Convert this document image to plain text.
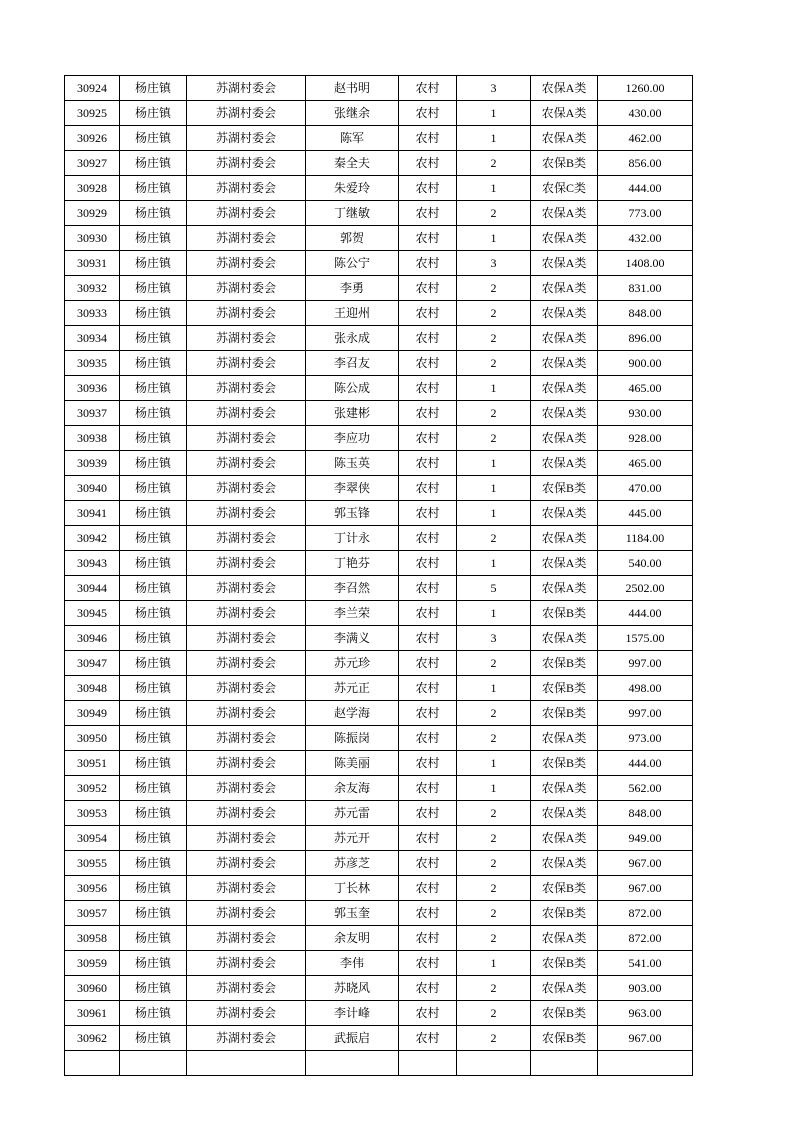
30924	杨庄镇	苏湖村委会	赵书明	农村	3	农保A类	1260.00
30925	杨庄镇	苏湖村委会	张继余	农村	1	农保A类	430.00
30926	杨庄镇	苏湖村委会	陈军	农村	1	农保A类	462.00
30927	杨庄镇	苏湖村委会	秦全夫	农村	2	农保B类	856.00
30928	杨庄镇	苏湖村委会	朱爱玲	农村	1	农保C类	444.00
30929	杨庄镇	苏湖村委会	丁继敏	农村	2	农保A类	773.00
30930	杨庄镇	苏湖村委会	郭贺	农村	1	农保A类	432.00
30931	杨庄镇	苏湖村委会	陈公宁	农村	3	农保A类	1408.00
30932	杨庄镇	苏湖村委会	李勇	农村	2	农保A类	831.00
30933	杨庄镇	苏湖村委会	王迎州	农村	2	农保A类	848.00
30934	杨庄镇	苏湖村委会	张永成	农村	2	农保A类	896.00
30935	杨庄镇	苏湖村委会	李召友	农村	2	农保A类	900.00
30936	杨庄镇	苏湖村委会	陈公成	农村	1	农保A类	465.00
30937	杨庄镇	苏湖村委会	张建彬	农村	2	农保A类	930.00
30938	杨庄镇	苏湖村委会	李应功	农村	2	农保A类	928.00
30939	杨庄镇	苏湖村委会	陈玉英	农村	1	农保A类	465.00
30940	杨庄镇	苏湖村委会	李翠侠	农村	1	农保B类	470.00
30941	杨庄镇	苏湖村委会	郭玉锋	农村	1	农保A类	445.00
30942	杨庄镇	苏湖村委会	丁计永	农村	2	农保A类	1184.00
30943	杨庄镇	苏湖村委会	丁艳芬	农村	1	农保A类	540.00
30944	杨庄镇	苏湖村委会	李召然	农村	5	农保A类	2502.00
30945	杨庄镇	苏湖村委会	李兰荣	农村	1	农保B类	444.00
30946	杨庄镇	苏湖村委会	李满义	农村	3	农保A类	1575.00
30947	杨庄镇	苏湖村委会	苏元珍	农村	2	农保B类	997.00
30948	杨庄镇	苏湖村委会	苏元正	农村	1	农保B类	498.00
30949	杨庄镇	苏湖村委会	赵学海	农村	2	农保B类	997.00
30950	杨庄镇	苏湖村委会	陈振岗	农村	2	农保A类	973.00
30951	杨庄镇	苏湖村委会	陈美丽	农村	1	农保B类	444.00
30952	杨庄镇	苏湖村委会	余友海	农村	1	农保A类	562.00
30953	杨庄镇	苏湖村委会	苏元雷	农村	2	农保A类	848.00
30954	杨庄镇	苏湖村委会	苏元开	农村	2	农保A类	949.00
30955	杨庄镇	苏湖村委会	苏彦芝	农村	2	农保A类	967.00
30956	杨庄镇	苏湖村委会	丁长林	农村	2	农保B类	967.00
30957	杨庄镇	苏湖村委会	郭玉奎	农村	2	农保B类	872.00
30958	杨庄镇	苏湖村委会	余友明	农村	2	农保A类	872.00
30959	杨庄镇	苏湖村委会	李伟	农村	1	农保B类	541.00
30960	杨庄镇	苏湖村委会	苏晓风	农村	2	农保A类	903.00
30961	杨庄镇	苏湖村委会	李计峰	农村	2	农保B类	963.00
30962	杨庄镇	苏湖村委会	武振启	农村	2	农保B类	967.00
